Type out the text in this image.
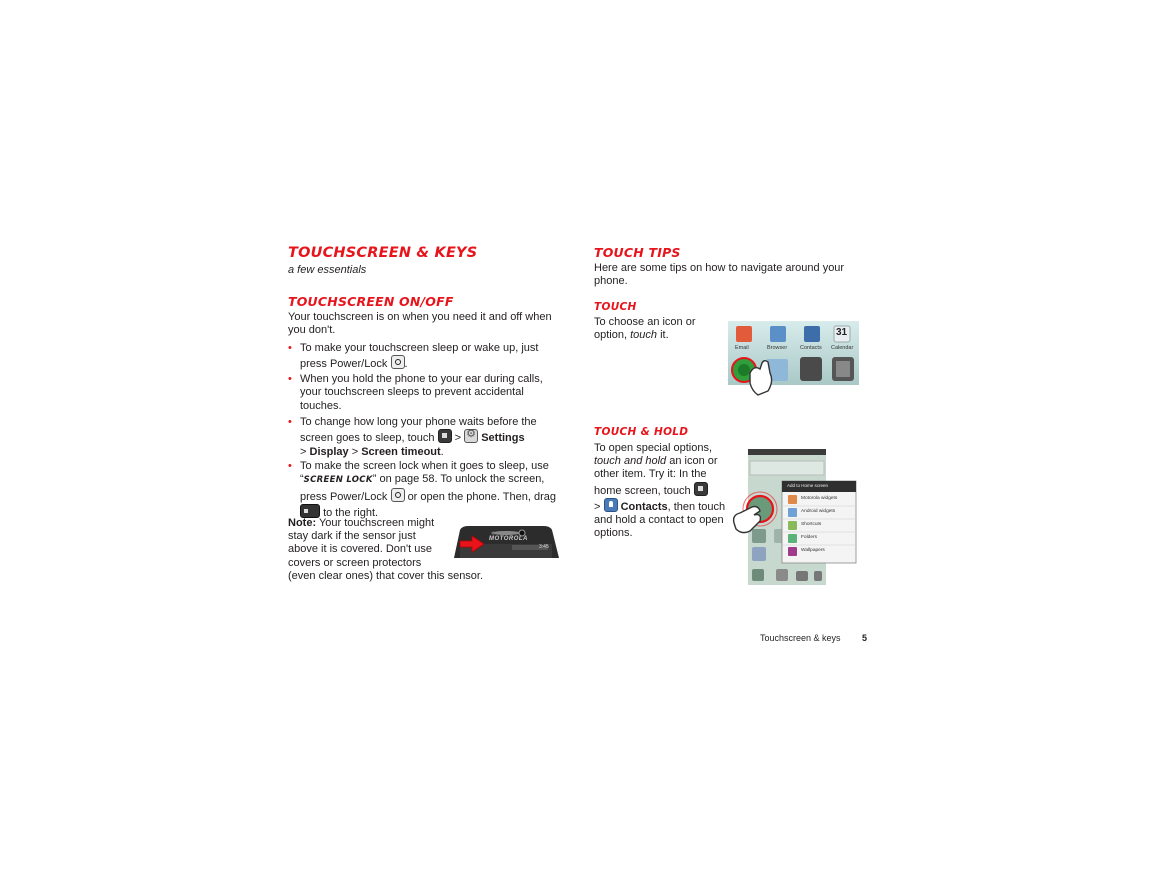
TOUCHSCREEN & KEYS
a few essentials
TOUCHSCREEN ON/OFF
Your touchscreen is on when you need it and off when you don't.
• To make your touchscreen sleep or wake up, just
press Power/Lock .
• When you hold the phone to your ear during calls,
your touchscreen sleeps to prevent accidental
touches.
• To change how long your phone waits before the
screen goes to sleep, touch > ⚙ Settings
> Display > Screen timeout.
• To make the screen lock when it goes to sleep, use
“SCREEN LOCK” on page 58. To unlock the screen,
press Power/Lock or open the phone. Then, drag
to the right.
Note: Your touchscreen might
stay dark if the sensor just
above it is covered. Don't use
covers or screen protectors
(even clear ones) that cover this sensor.
MOTOROLA
3:45
TOUCH TIPS
Here are some tips on how to navigate around your
phone.
TOUCH
To choose an icon or
option, touch it.
Email	Browser Contacts Calendar
31
TOUCH & HOLD
To open special options,
touch and hold an icon or
other item. Try it: In the
home screen, touch
> Contacts, then touch
and hold a contact to open
options.
Add to Home screen
Motorola widgets
Android widgets
Shortcuts
Folders
Wallpapers
Touchscreen & keys 5
